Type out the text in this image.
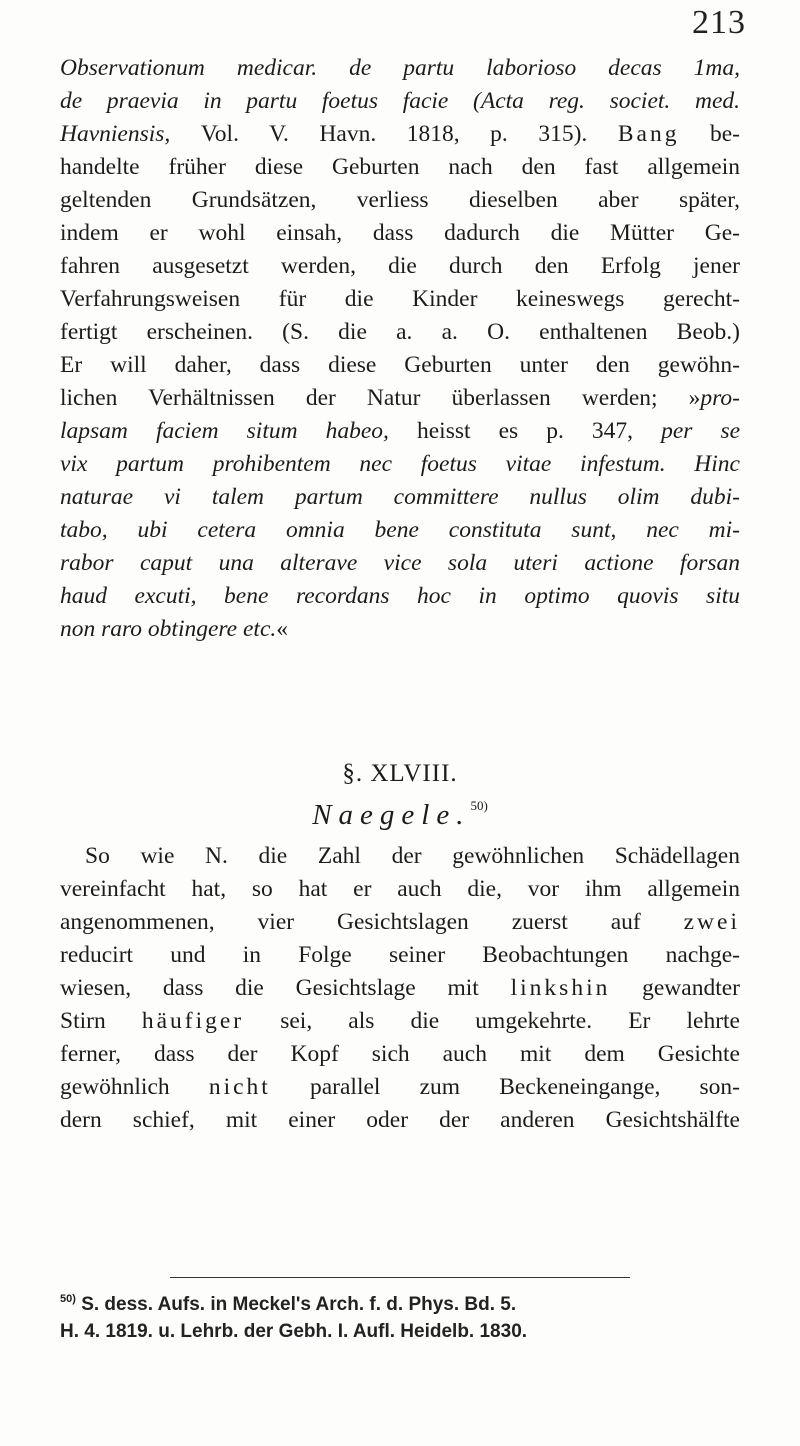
213
Observationum medicar. de partu laborioso decas 1ma,
de praevia in partu foetus facie (Acta reg. societ. med.
Havniensis, Vol. V. Havn. 1818, p. 315). Bang be-
handelte früher diese Geburten nach den fast allgemein
geltenden Grundsätzen, verliess dieselben aber später,
indem er wohl einsah, dass dadurch die Mütter Ge-
fahren ausgesetzt werden, die durch den Erfolg jener
Verfahrungsweisen für die Kinder keineswegs gerecht-
fertigt erscheinen. (S. die a. a. O. enthaltenen Beob.)
Er will daher, dass diese Geburten unter den gewöhn-
lichen Verhältnissen der Natur überlassen werden; »pro-
lapsam faciem situm habeo, heisst es p. 347, per se
vix partum prohibentem nec foetus vitae infestum. Hinc
naturae vi talem partum committere nullus olim dubi-
tabo, ubi cetera omnia bene constituta sunt, nec mi-
rabor caput una alterave vice sola uteri actione forsan
haud excuti, bene recordans hoc in optimo quovis situ
non raro obtingere etc.«
§. XLVIII.
Naegele.$^{50)}$
So wie N. die Zahl der gewöhnlichen Schädellagen
vereinfacht hat, so hat er auch die, vor ihm allgemein
angenommenen, vier Gesichtslagen zuerst auf zwei
reducirt und in Folge seiner Beobachtungen nachge-
wiesen, dass die Gesichtslage mit linkshin gewandter
Stirn häufiger sei, als die umgekehrte. Er lehrte
ferner, dass der Kopf sich auch mit dem Gesichte
gewöhnlich nicht parallel zum Beckeneingange, son-
dern schief, mit einer oder der anderen Gesichtshälfte
$^{50)}$ S. dess. Aufs. in Meckel's Arch. f. d. Phys. Bd. 5.
H. 4. 1819. u. Lehrb. der Gebh. I. Aufl. Heidelb. 1830.
